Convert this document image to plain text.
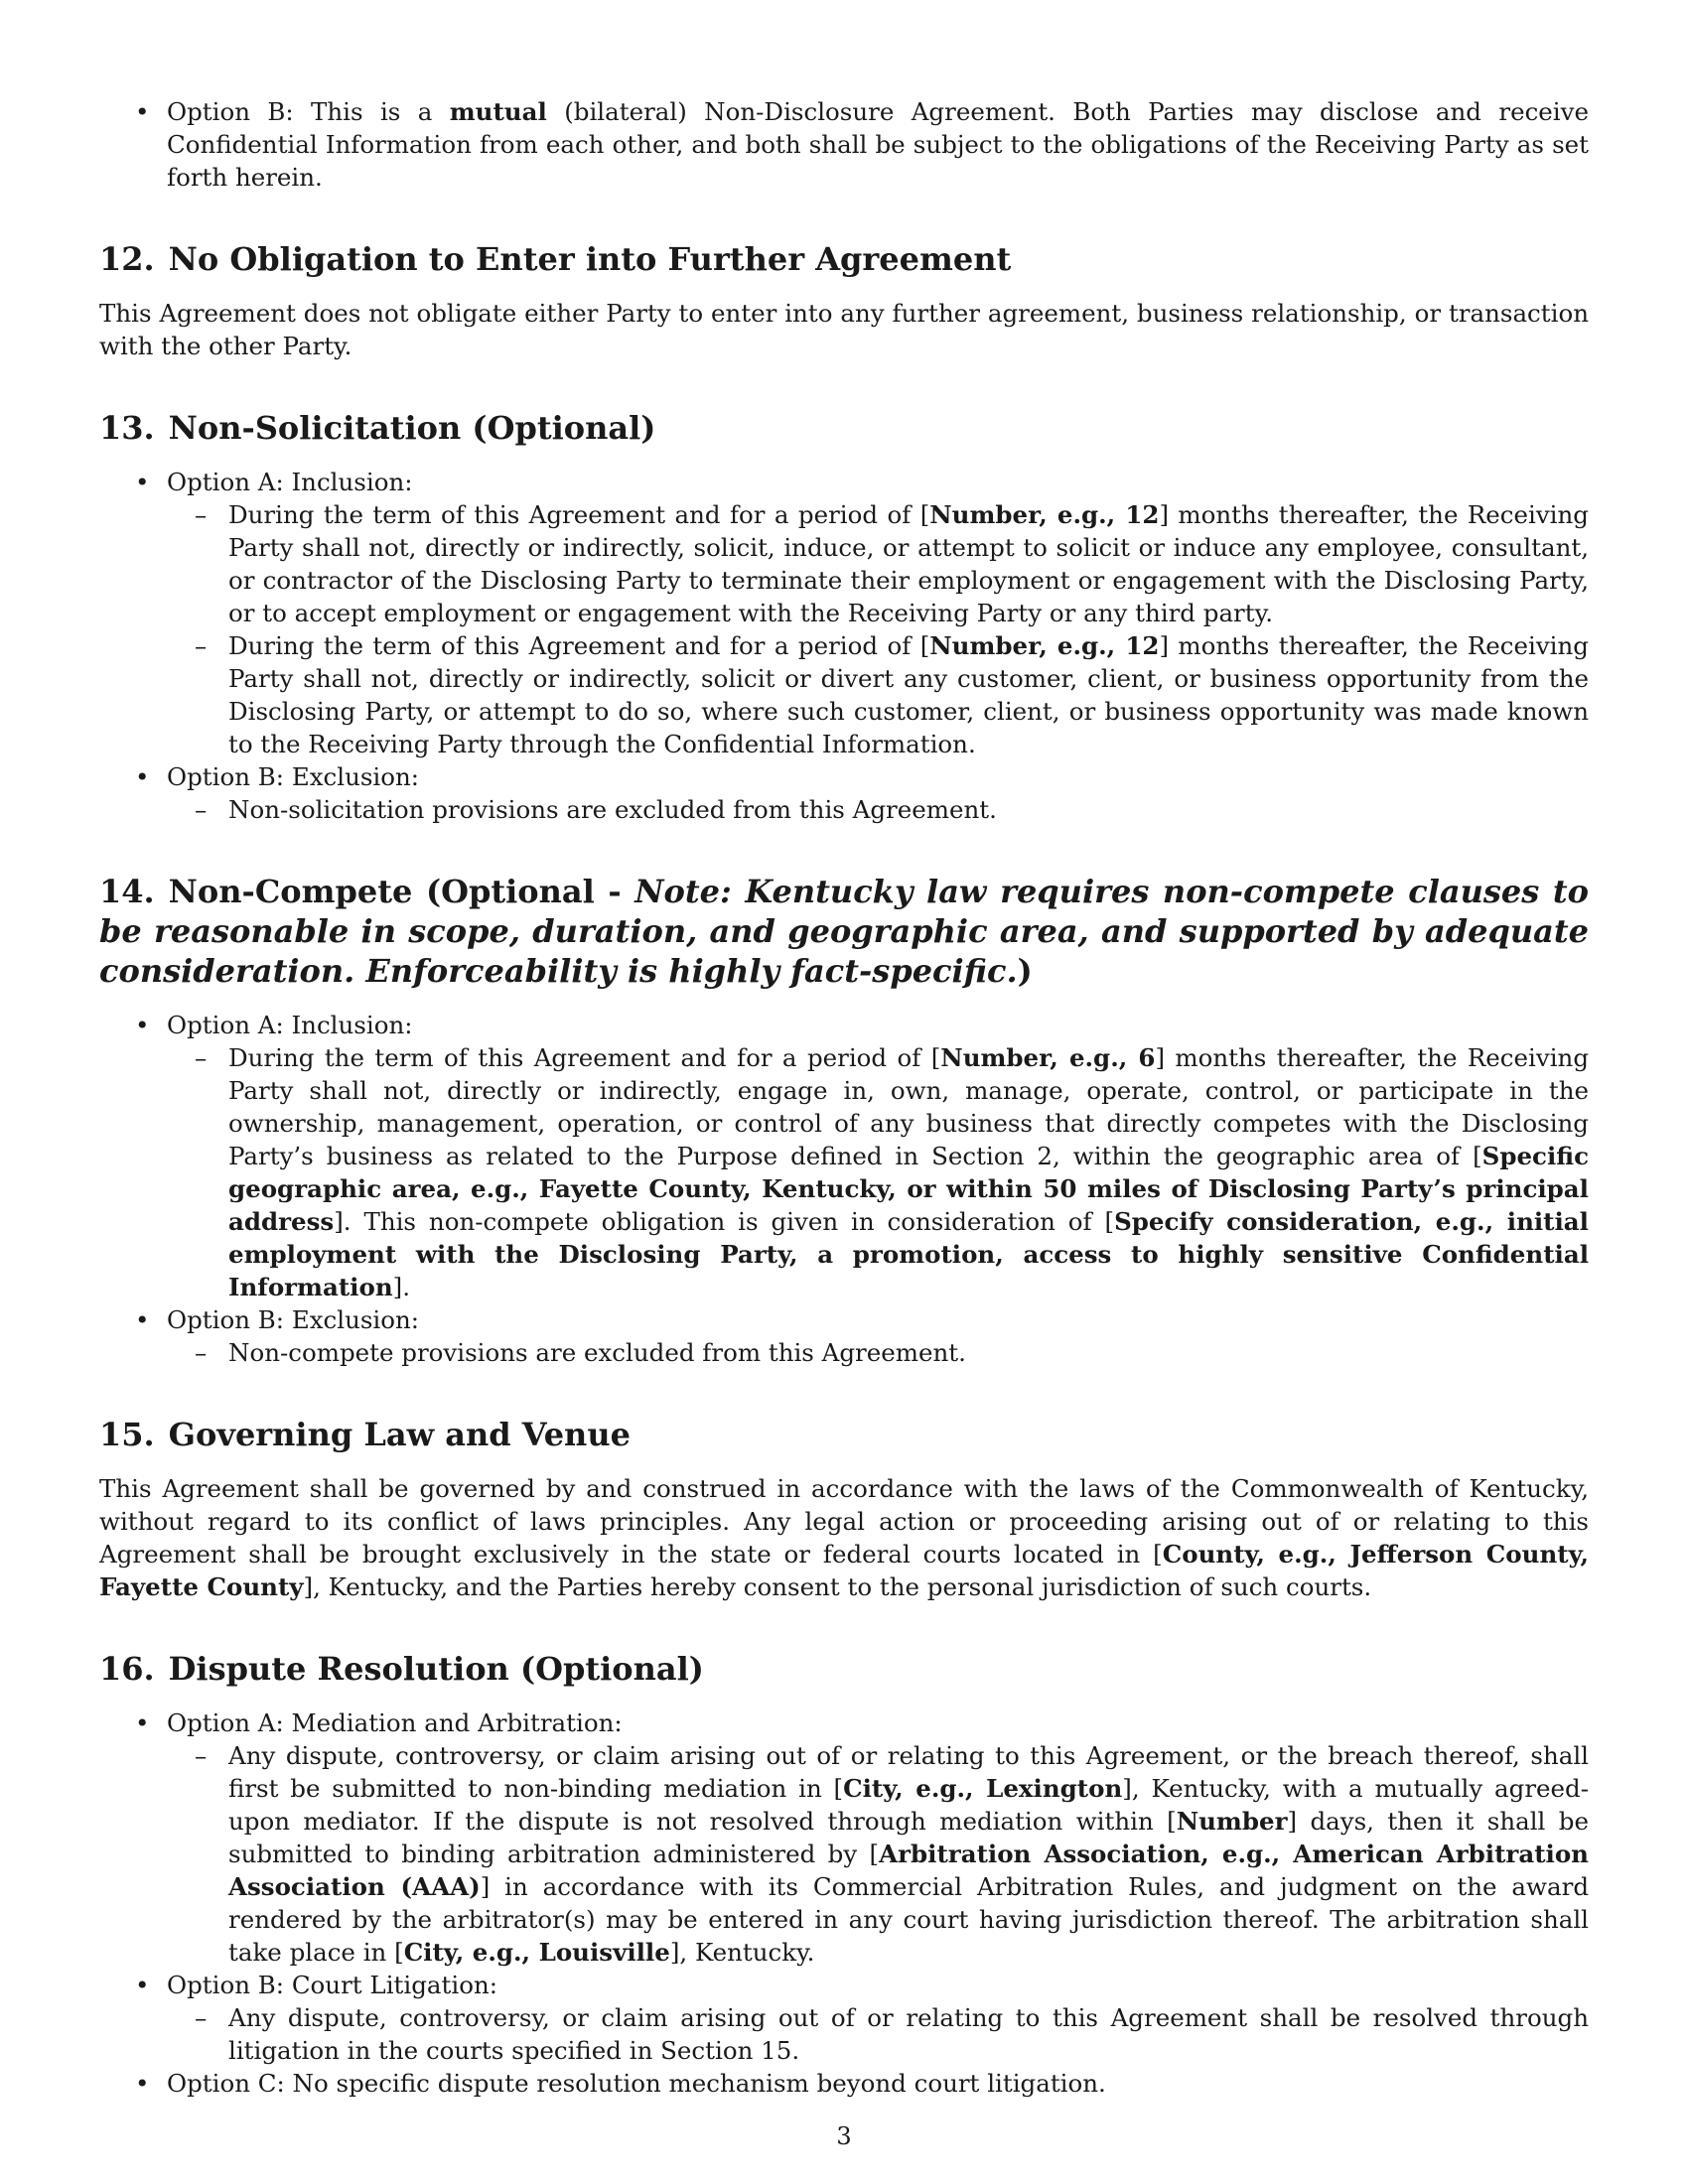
• Option B: This is a mutual (bilateral) Non-Disclosure Agreement. Both Parties may disclose and receive Confidential Information from each other, and both shall be subject to the obligations of the Receiving Party as set forth herein.
12. No Obligation to Enter into Further Agreement

This Agreement does not obligate either Party to enter into any further agreement, business relationship, or transaction with the other Party.

13. Non-Solicitation (Optional)
• Option A: Inclusion:
– During the term of this Agreement and for a period of [Number, e.g., 12] months thereafter, the Receiving Party shall not, directly or indirectly, solicit, induce, or attempt to solicit or induce any employee, consultant, or contractor of the Disclosing Party to terminate their employment or engagement with the Disclosing Party, or to accept employment or engagement with the Receiving Party or any third party.
– During the term of this Agreement and for a period of [Number, e.g., 12] months thereafter, the Receiving Party shall not, directly or indirectly, solicit or divert any customer, client, or business opportunity from the Disclosing Party, or attempt to do so, where such customer, client, or business opportunity was made known to the Receiving Party through the Confidential Information.
• Option B: Exclusion:
– Non-solicitation provisions are excluded from this Agreement.
14. Non-Compete (Optional - Note: Kentucky law requires non-compete clauses to be reasonable in scope, duration, and geographic area, and supported by adequate consideration. Enforceability is highly fact-specific.)
• Option A: Inclusion:
– During the term of this Agreement and for a period of [Number, e.g., 6] months thereafter, the Receiving Party shall not, directly or indirectly, engage in, own, manage, operate, control, or participate in the ownership, management, operation, or control of any business that directly competes with the Disclosing Party’s business as related to the Purpose defined in Section 2, within the geographic area of [Specific geographic area, e.g., Fayette County, Kentucky, or within 50 miles of Disclosing Party’s principal address]. This non-compete obligation is given in consideration of [Specify consideration, e.g., initial employment with the Disclosing Party, a promotion, access to highly sensitive Confidential Information].
• Option B: Exclusion:
– Non-compete provisions are excluded from this Agreement.
15. Governing Law and Venue

This Agreement shall be governed by and construed in accordance with the laws of the Commonwealth of Kentucky, without regard to its conflict of laws principles. Any legal action or proceeding arising out of or relating to this Agreement shall be brought exclusively in the state or federal courts located in [County, e.g., Jefferson County, Fayette County], Kentucky, and the Parties hereby consent to the personal jurisdiction of such courts.

16. Dispute Resolution (Optional)
• Option A: Mediation and Arbitration:
– Any dispute, controversy, or claim arising out of or relating to this Agreement, or the breach thereof, shall first be submitted to non-binding mediation in [City, e.g., Lexington], Kentucky, with a mutually agreed-upon mediator. If the dispute is not resolved through mediation within [Number] days, then it shall be submitted to binding arbitration administered by [Arbitration Association, e.g., American Arbitration Association (AAA)] in accordance with its Commercial Arbitration Rules, and judgment on the award rendered by the arbitrator(s) may be entered in any court having jurisdiction thereof. The arbitration shall take place in [City, e.g., Louisville], Kentucky.
• Option B: Court Litigation:
– Any dispute, controversy, or claim arising out of or relating to this Agreement shall be resolved through litigation in the courts specified in Section 15.
• Option C: No specific dispute resolution mechanism beyond court litigation.
3
